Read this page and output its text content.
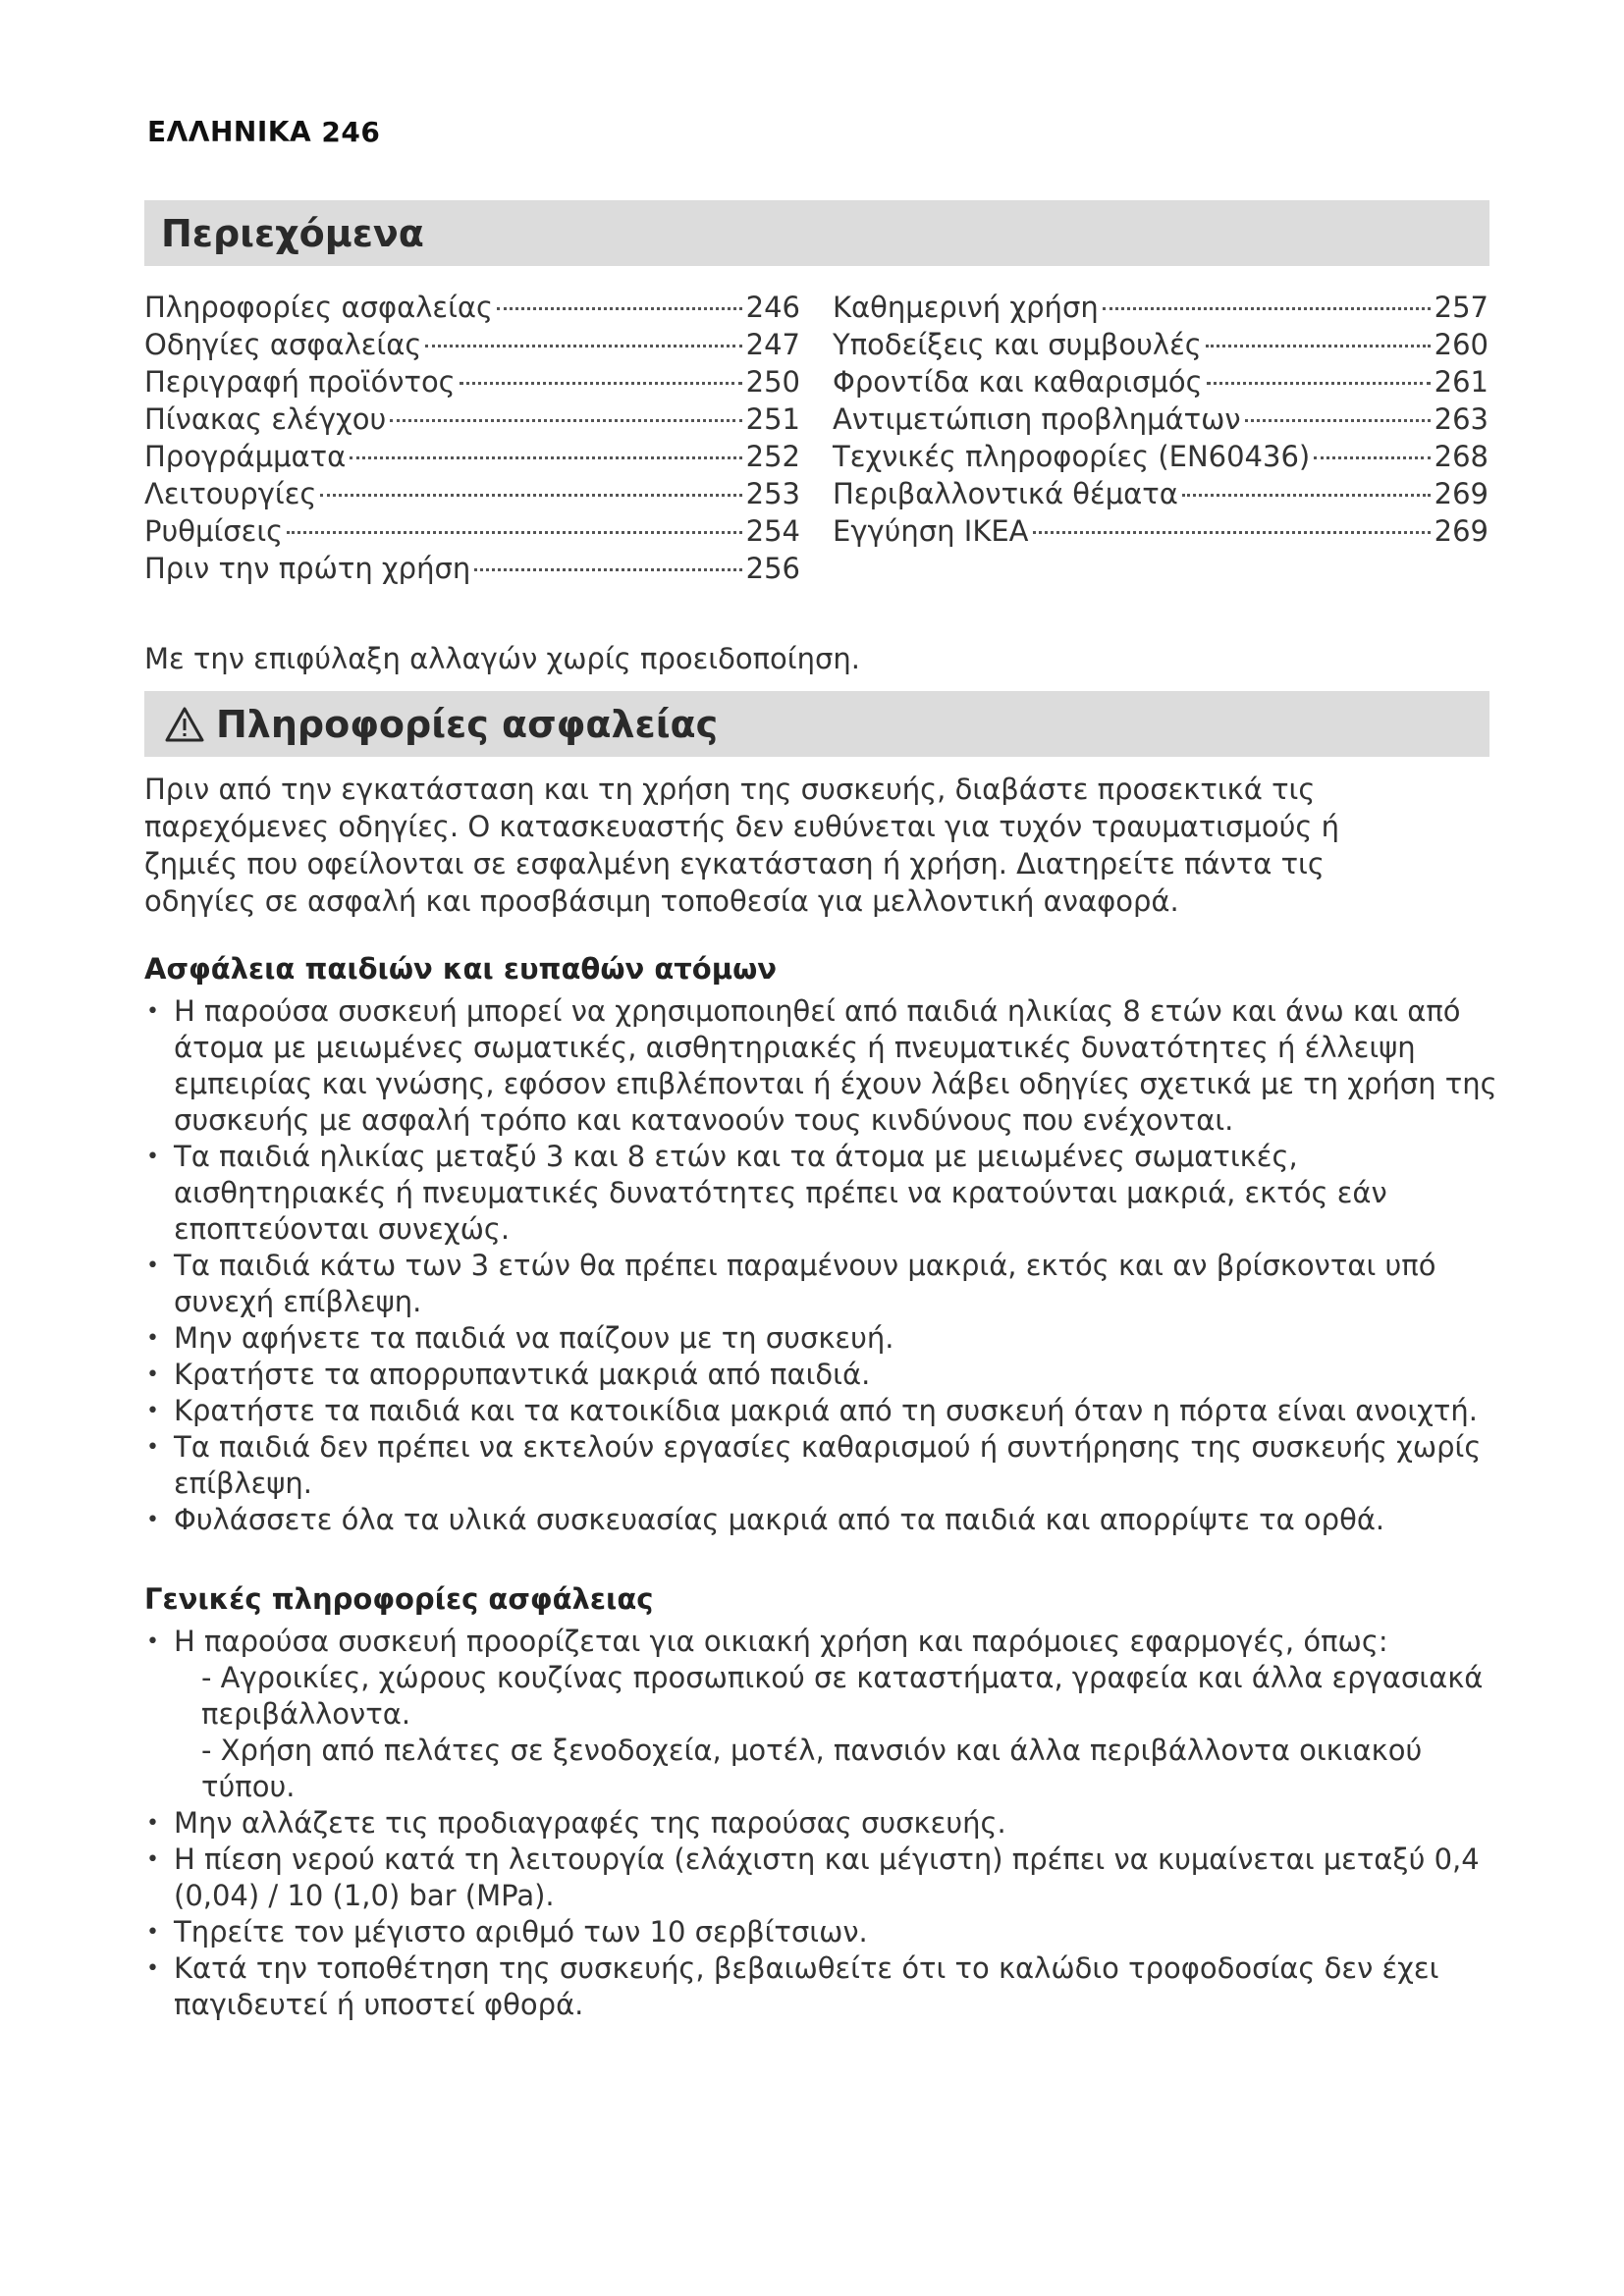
ΕΛΛΗΝΙΚΑ 246
Περιεχόμενα
Πληροφορίες ασφαλείας	246
Οδηγίες ασφαλείας	247
Περιγραφή προϊόντος	250
Πίνακας ελέγχου	251
Προγράμματα	252
Λειτουργίες	253
Ρυθμίσεις	254
Πριν την πρώτη χρήση	256
Καθημερινή χρήση	257
Υποδείξεις και συμβουλές	260
Φροντίδα και καθαρισμός	261
Αντιμετώπιση προβλημάτων	263
Τεχνικές πληροφορίες (EN60436)	268
Περιβαλλοντικά θέματα	269
Εγγύηση IKEA	269
Με την επιφύλαξη αλλαγών χωρίς προειδοποίηση.
Πληροφορίες ασφαλείας
Πριν από την εγκατάσταση και τη χρήση της συσκευής, διαβάστε προσεκτικά τις παρεχόμενες οδηγίες. Ο κατασκευαστής δεν ευθύνεται για τυχόν τραυματισμούς ή ζημιές που οφείλονται σε εσφαλμένη εγκατάσταση ή χρήση. Διατηρείτε πάντα τις οδηγίες σε ασφαλή και προσβάσιμη τοποθεσία για μελλοντική αναφορά.
Ασφάλεια παιδιών και ευπαθών ατόμων
• Η παρούσα συσκευή μπορεί να χρησιμοποιηθεί από παιδιά ηλικίας 8 ετών και άνω και από άτομα με μειωμένες σωματικές, αισθητηριακές ή πνευματικές δυνατότητες ή έλλειψη εμπειρίας και γνώσης, εφόσον επιβλέπονται ή έχουν λάβει οδηγίες σχετικά με τη χρήση της συσκευής με ασφαλή τρόπο και κατανοούν τους κινδύνους που ενέχονται.
• Τα παιδιά ηλικίας μεταξύ 3 και 8 ετών και τα άτομα με μειωμένες σωματικές, αισθητηριακές ή πνευματικές δυνατότητες πρέπει να κρατούνται μακριά, εκτός εάν εποπτεύονται συνεχώς.
• Τα παιδιά κάτω των 3 ετών θα πρέπει παραμένουν μακριά, εκτός και αν βρίσκονται υπό συνεχή επίβλεψη.
• Μην αφήνετε τα παιδιά να παίζουν με τη συσκευή.
• Κρατήστε τα απορρυπαντικά μακριά από παιδιά.
• Κρατήστε τα παιδιά και τα κατοικίδια μακριά από τη συσκευή όταν η πόρτα είναι ανοιχτή.
• Τα παιδιά δεν πρέπει να εκτελούν εργασίες καθαρισμού ή συντήρησης της συσκευής χωρίς επίβλεψη.
• Φυλάσσετε όλα τα υλικά συσκευασίας μακριά από τα παιδιά και απορρίψτε τα ορθά.
Γενικές πληροφορίες ασφάλειας
• Η παρούσα συσκευή προορίζεται για οικιακή χρήση και παρόμοιες εφαρμογές, όπως:
- Αγροικίες, χώρους κουζίνας προσωπικού σε καταστήματα, γραφεία και άλλα εργασιακά περιβάλλοντα.
- Χρήση από πελάτες σε ξενοδοχεία, μοτέλ, πανσιόν και άλλα περιβάλλοντα οικιακού τύπου.
• Μην αλλάζετε τις προδιαγραφές της παρούσας συσκευής.
• Η πίεση νερού κατά τη λειτουργία (ελάχιστη και μέγιστη) πρέπει να κυμαίνεται μεταξύ 0,4 (0,04) / 10 (1,0) bar (MPa).
• Τηρείτε τον μέγιστο αριθμό των 10 σερβίτσιων.
• Κατά την τοποθέτηση της συσκευής, βεβαιωθείτε ότι το καλώδιο τροφοδοσίας δεν έχει παγιδευτεί ή υποστεί φθορά.
